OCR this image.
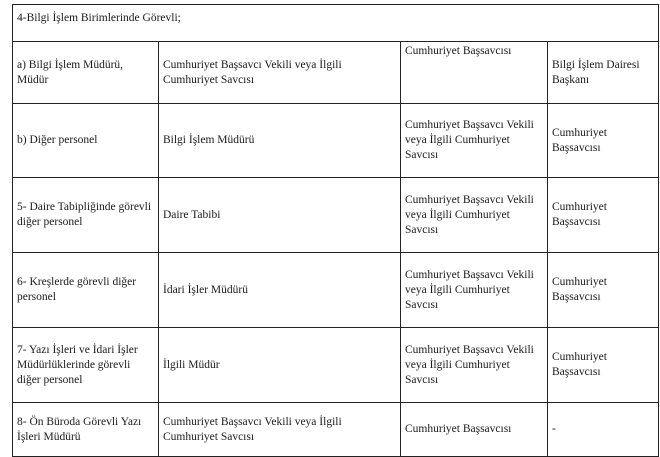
4-Bilgi İşlem Birimlerinde Görevli;			
a) Bilgi İşlem Müdürü, Müdür	Cumhuriyet Başsavcı Vekili veya İlgili Cumhuriyet Savcısı	Cumhuriyet Başsavcısı	Bilgi İşlem Dairesi Başkanı
b) Diğer personel	Bilgi İşlem Müdürü	Cumhuriyet Başsavcı Vekili veya İlgili Cumhuriyet Savcısı	Cumhuriyet Başsavcısı
5- Daire Tabipliğinde görevli diğer personel	Daire Tabibi	Cumhuriyet Başsavcı Vekili veya İlgili Cumhuriyet Savcısı	Cumhuriyet Başsavcısı
6- Kreşlerde görevli diğer personel	İdari İşler Müdürü	Cumhuriyet Başsavcı Vekili veya İlgili Cumhuriyet Savcısı	Cumhuriyet Başsavcısı
7- Yazı İşleri ve İdari İşler Müdürlüklerinde görevli diğer personel	İlgili Müdür	Cumhuriyet Başsavcı Vekili veya İlgili Cumhuriyet Savcısı	Cumhuriyet Başsavcısı
8- Ön Büroda Görevli Yazı İşleri Müdürü	Cumhuriyet Başsavcı Vekili veya İlgili Cumhuriyet Savcısı	Cumhuriyet Başsavcısı	-
